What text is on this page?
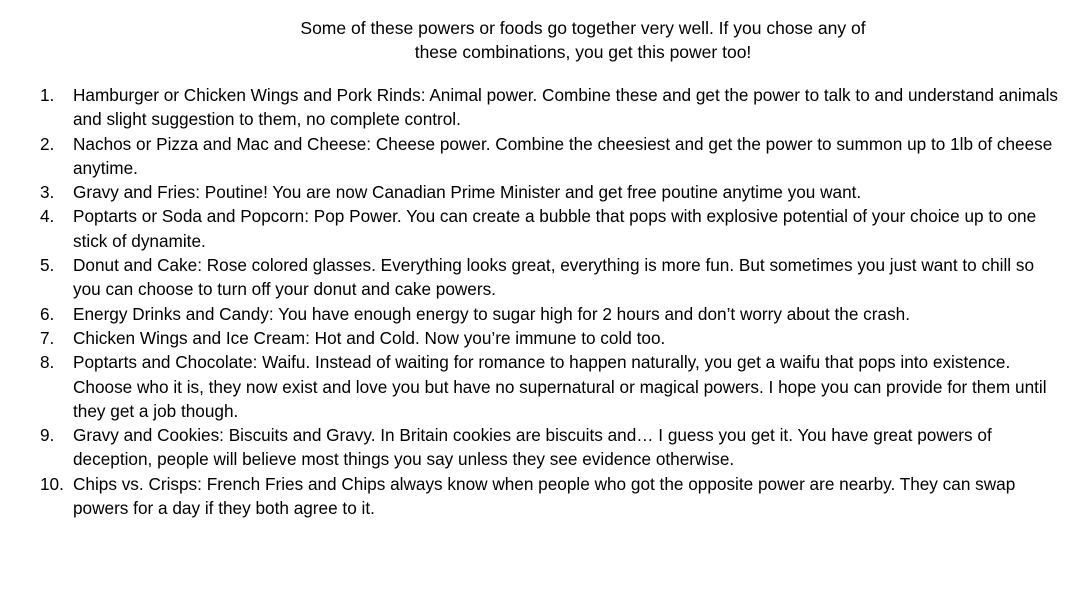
Some of these powers or foods go together very well. If you chose any of
these combinations, you get this power too!
1. Hamburger or Chicken Wings and Pork Rinds: Animal power. Combine these and get the power to talk to and understand animals and slight suggestion to them, no complete control.
2. Nachos or Pizza and Mac and Cheese: Cheese power. Combine the cheesiest and get the power to summon up to 1lb of cheese anytime.
3. Gravy and Fries: Poutine! You are now Canadian Prime Minister and get free poutine anytime you want.
4. Poptarts or Soda and Popcorn: Pop Power. You can create a bubble that pops with explosive potential of your choice up to one stick of dynamite.
5. Donut and Cake: Rose colored glasses. Everything looks great, everything is more fun. But sometimes you just want to chill so you can choose to turn off your donut and cake powers.
6. Energy Drinks and Candy: You have enough energy to sugar high for 2 hours and don’t worry about the crash.
7. Chicken Wings and Ice Cream: Hot and Cold. Now you’re immune to cold too.
8. Poptarts and Chocolate: Waifu. Instead of waiting for romance to happen naturally, you get a waifu that pops into existence. Choose who it is, they now exist and love you but have no supernatural or magical powers. I hope you can provide for them until they get a job though.
9. Gravy and Cookies: Biscuits and Gravy. In Britain cookies are biscuits and… I guess you get it. You have great powers of deception, people will believe most things you say unless they see evidence otherwise.
10. Chips vs. Crisps: French Fries and Chips always know when people who got the opposite power are nearby. They can swap powers for a day if they both agree to it.
